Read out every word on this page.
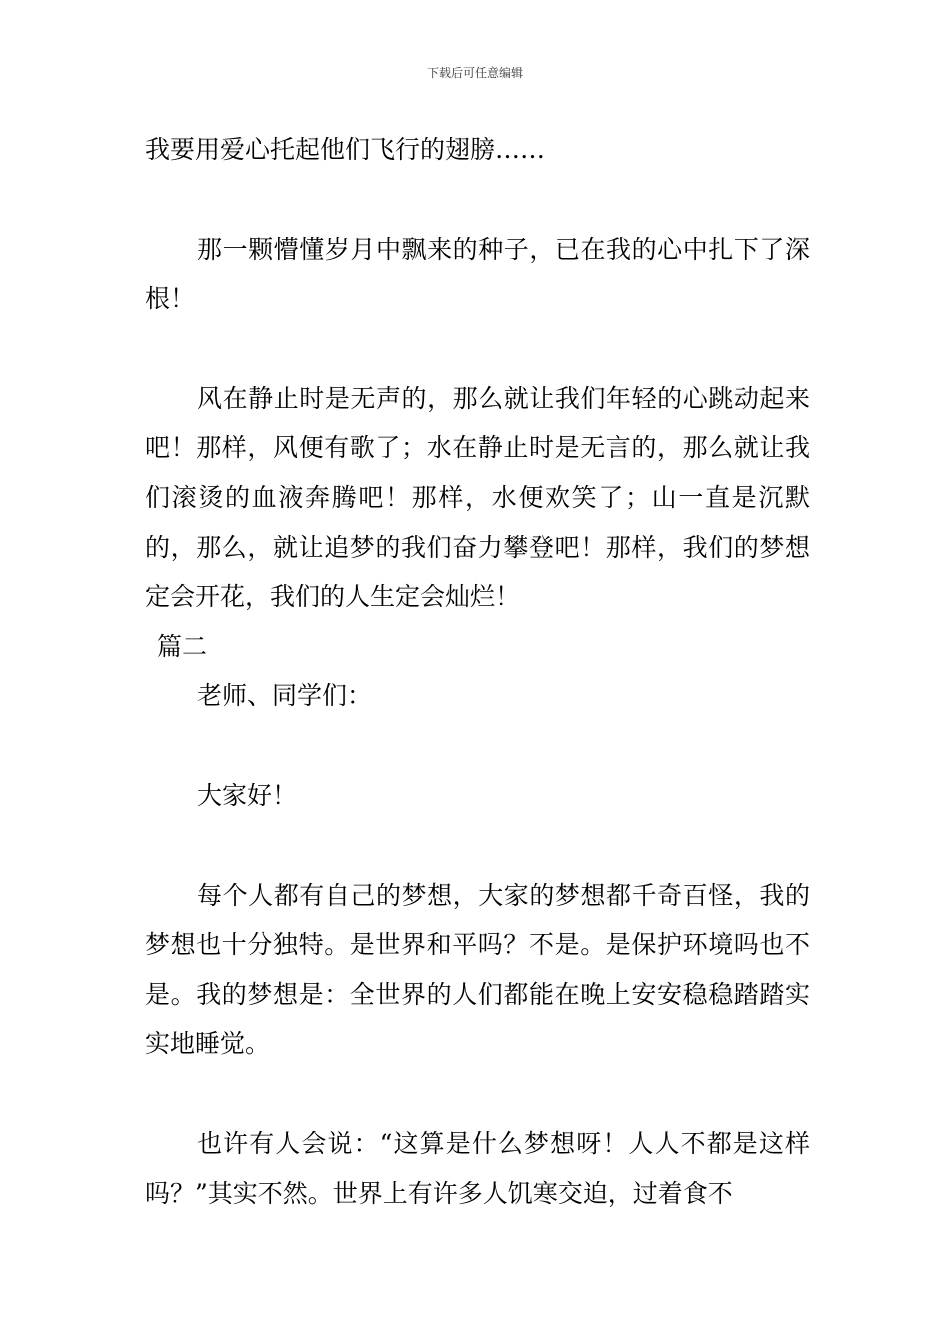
下载后可任意编辑

我要用爱心托起他们飞行的翅膀……

那一颗懵懂岁月中飘来的种子，已在我的心中扎下了深根！

风在静止时是无声的，那么就让我们年轻的心跳动起来吧！那样，风便有歌了；水在静止时是无言的，那么就让我们滚烫的血液奔腾吧！那样，水便欢笑了；山一直是沉默的，那么，就让追梦的我们奋力攀登吧！那样，我们的梦想定会开花，我们的人生定会灿烂！

篇二

老师、同学们：

大家好！

每个人都有自己的梦想，大家的梦想都千奇百怪，我的梦想也十分独特。是世界和平吗？不是。是保护环境吗也不是。我的梦想是：全世界的人们都能在晚上安安稳稳踏踏实实地睡觉。

也许有人会说：“这算是什么梦想呀！人人不都是这样吗？”其实不然。世界上有许多人饥寒交迫，过着食不
